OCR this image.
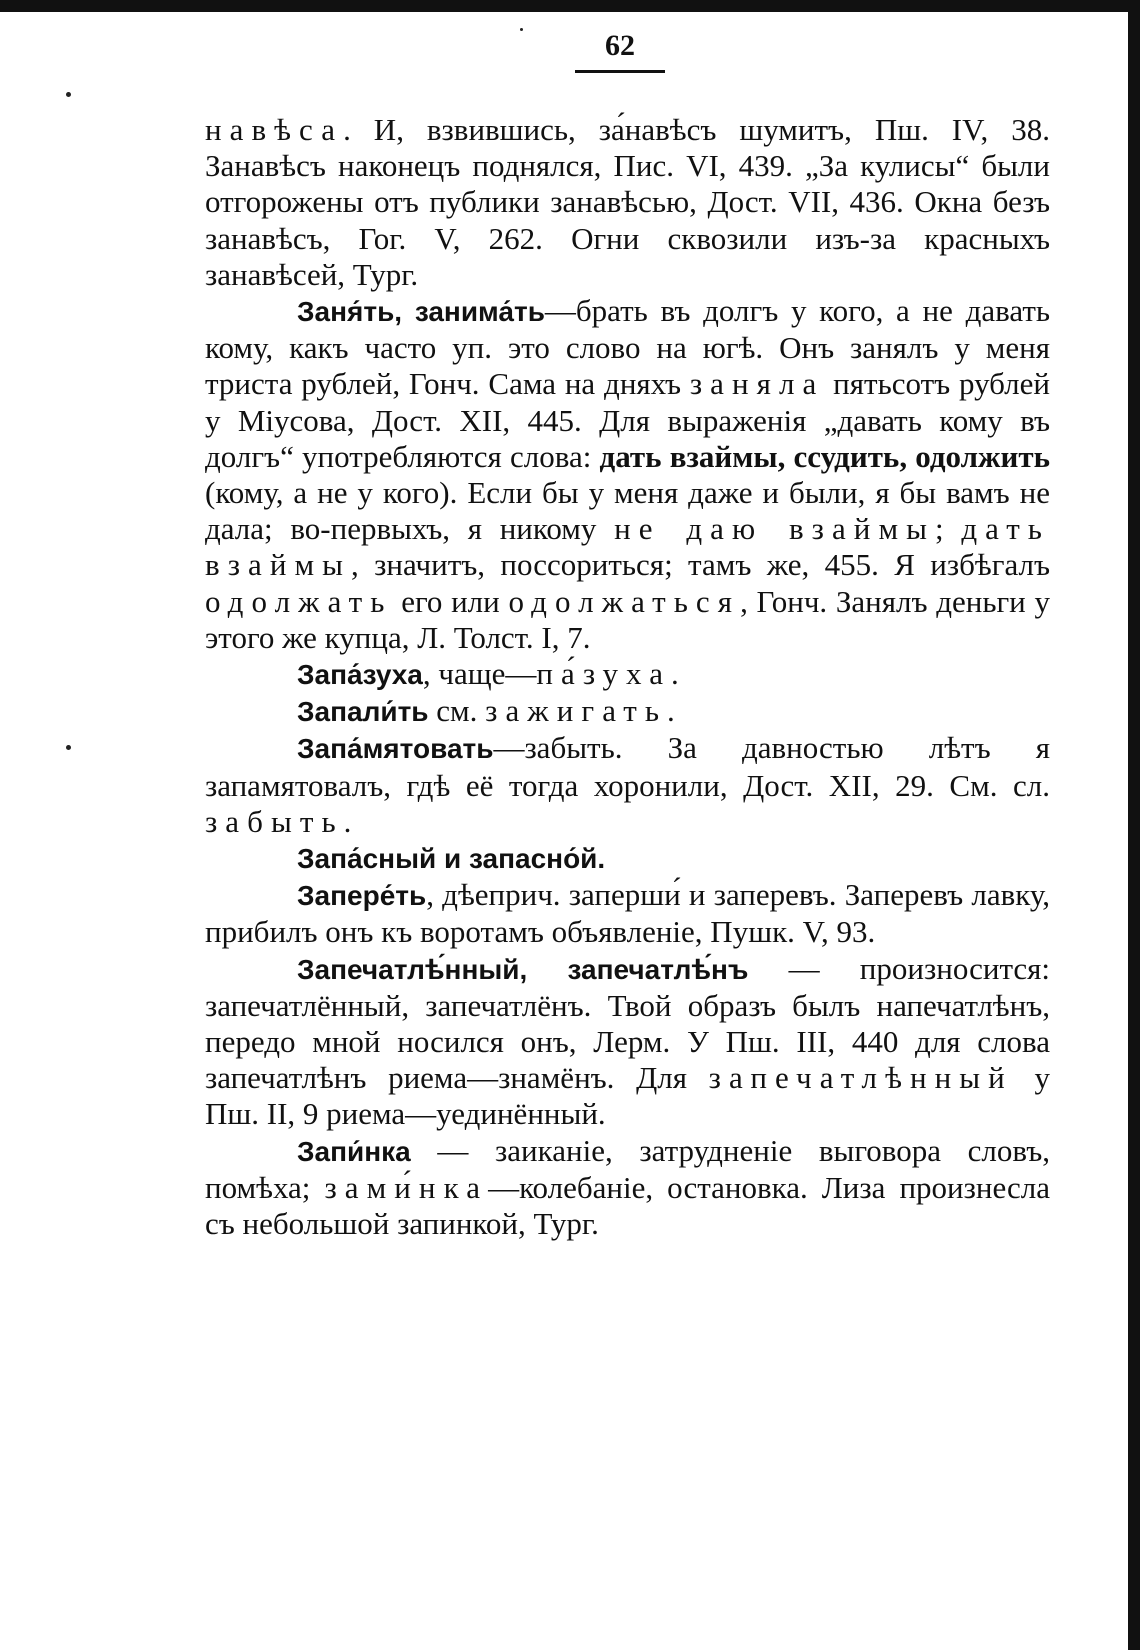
62

навѣса. И, взвившись, за́навѣсъ шумитъ, Пш. IV, 38. Занавѣсъ наконецъ поднялся, Пис. VI, 439. „За кулисы“ были отгорожены отъ публики занавѣсью, Дост. VII, 436. Окна безъ занавѣсъ, Гог. V, 262. Огни сквозили изъ-за красныхъ занавѣсей, Тург.

Заня́ть, занима́ть—брать въ долгъ у кого, а не давать кому, какъ часто уп. это слово на югѣ. Онъ занялъ у меня триста рублей, Гонч. Сама на дняхъ заняла пятьсотъ рублей у Міусова, Дост. XII, 445. Для выраженія „давать кому въ долгъ“ употребляются слова: дать взаймы, ссудить, одолжить (кому, а не у кого). Если бы у меня даже и были, я бы вамъ не дала; во-первыхъ, я никому не даю взаймы; дать взаймы, значитъ, поссориться; тамъ же, 455. Я избѣгалъ одолжать его или одолжаться, Гонч. Занялъ деньги у этого же купца, Л. Толст. I, 7.

Запа́зуха, чаще—па́зуха.

Запали́ть см. зажигать.

Запа́мятовать—забыть. За давностью лѣтъ я запамятовалъ, гдѣ её тогда хоронили, Дост. XII, 29. См. сл. забыть.

Запа́сный и запасно́й.

Запере́ть, дѣеприч. заперши́ и заперевъ. Заперевъ лавку, прибилъ онъ къ воротамъ объявленіе, Пушк. V, 93.

Запечатлѣ́нный, запечатлѣ́нъ — произносится: запечатлённый, запечатлёнъ. Твой образъ былъ напечатлѣнъ, передо мной носился онъ, Лерм. У Пш. III, 440 для слова запечатлѣнъ риема—знамёнъ. Для запечатлѣнный у Пш. II, 9 риема—уединённый.

Запи́нка — заиканіе, затрудненіе выговора словъ, помѣха; зами́нка—колебаніе, остановка. Лиза произнесла съ небольшой запинкой, Тург.
